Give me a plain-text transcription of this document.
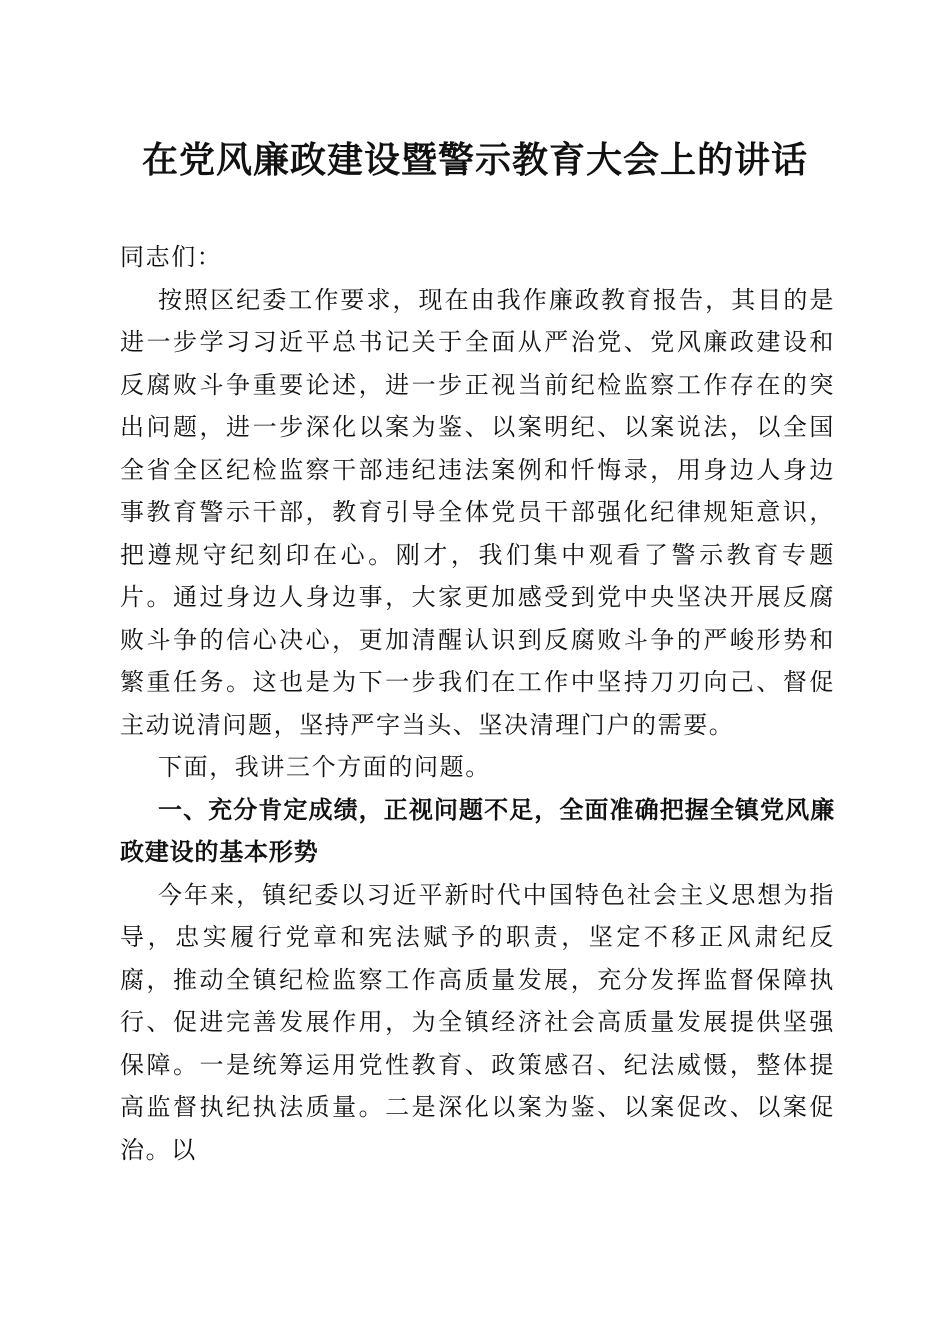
在党风廉政建设暨警示教育大会上的讲话

同志们：

按照区纪委工作要求，现在由我作廉政教育报告，其目的是进一步学习习近平总书记关于全面从严治党、党风廉政建设和反腐败斗争重要论述，进一步正视当前纪检监察工作存在的突出问题，进一步深化以案为鉴、以案明纪、以案说法，以全国全省全区纪检监察干部违纪违法案例和忏悔录，用身边人身边事教育警示干部，教育引导全体党员干部强化纪律规矩意识，把遵规守纪刻印在心。刚才，我们集中观看了警示教育专题片。通过身边人身边事，大家更加感受到党中央坚决开展反腐败斗争的信心决心，更加清醒认识到反腐败斗争的严峻形势和繁重任务。这也是为下一步我们在工作中坚持刀刃向己、督促主动说清问题，坚持严字当头、坚决清理门户的需要。

下面，我讲三个方面的问题。

一、充分肯定成绩，正视问题不足，全面准确把握全镇党风廉政建设的基本形势

今年来，镇纪委以习近平新时代中国特色社会主义思想为指导，忠实履行党章和宪法赋予的职责，坚定不移正风肃纪反腐，推动全镇纪检监察工作高质量发展，充分发挥监督保障执行、促进完善发展作用，为全镇经济社会高质量发展提供坚强保障。一是统筹运用党性教育、政策感召、纪法威慑，整体提高监督执纪执法质量。二是深化以案为鉴、以案促改、以案促治。以
